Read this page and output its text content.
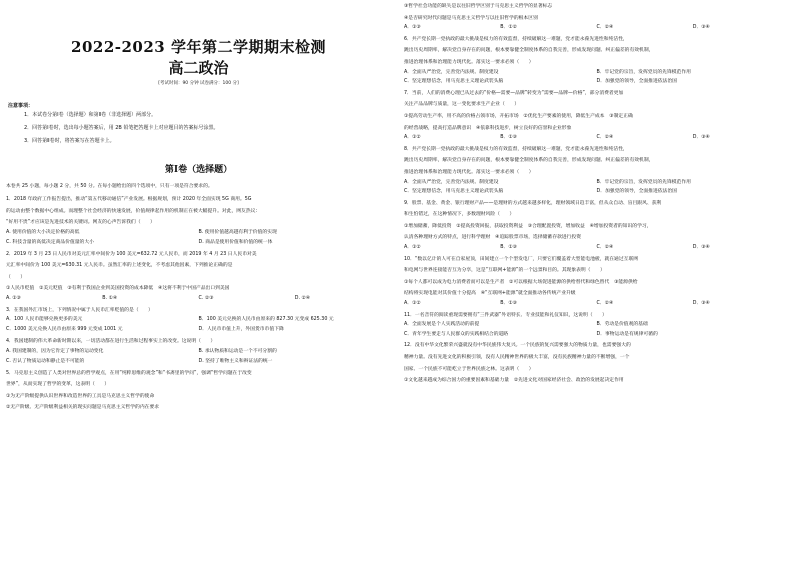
2022-2023 学年第二学期期末检测
高二政治
[考试时间：90 分钟 试卷满分：100 分]
注意事项：
1．本试卷分第Ⅰ卷（选择题）和第Ⅱ卷（非选择题）两部分。
2．回答第Ⅰ卷时，选出每小题答案后，用 2B 铅笔把答题卡上对应题目的答案标号涂黑。
3．回答第Ⅱ卷时，将答案写在答题卡上。
第Ⅰ卷（选择题）
本卷共 25 小题，每小题 2 分，共 50 分。在每小题给出的四个选项中，只有一项是符合要求的。
1．2018 年政府工作报告提出，推动“第五代移动通信”产业发展。根据规划，预计 2020 年全面实现 5G 商用。5G
的运动由整个数据中心组成。而理整个社会经济的快速发展，价值规律起作用的机制正在被大幅提升。对此，网友热议：
“好用不贵”才应该是先进技术的关键词。网友的心声告诉我们（　　）
A. 使用价值的大小决定价格的高低	B. 使用价值越高越有利于价值的实现
C. 科技含量的高低决定商品价值量的大小	D. 商品是使用价值和价值的统一体
2．2019 年 3 月 23 日人民币对美元汇率中间价为 100 美元=632.72 元人民币，而 2019 年 4 月 23 日人民币对美
元汇率中间价为 100 美元=630.31 元人民币。虽然汇率的上述变化，不考虑其他因素，下列推论正确的是
（　　）
①人民币贬值　②美元贬值　③有利于我国企业到美国投资的成本降低　④这将不利于中国产品出口到美国
A. ①③	B. ①④	C. ②③	D. ②④
3．在我国外汇市场上，下列情况中属于人民币汇率贬值的是（　　）
A．100 人民币能够兑换更多的美元	B．100 美元兑换的人民币由原来的 827.30 元变成 625.30 元
C．1000 美元兑换人民币由原来 999 元变成 1001 元	D．人民币币值上升，外国货币币值下降
4．我国建制的伟大革命新时期以来，一切活动都在进行生活和过程事实上的改变。这说明（　　）
A. 我国建制的，因为它肯定了事物的运动变化	B. 承认物质和运动是一个不可分割的
C. 否认了物质运动和静止是不可能的	D. 坚持了唯物主义和辩证法的统一
5．马克思主义创造了人类对世界总的哲学观点，在用“纯粹思维的观念”和“书斋里的学问”，强调“哲学问题在于改变
世界”，从而实现了哲学的变革，这表明（　　）
①为无产阶级提供认识世界和改造世界的工具是马克思主义哲学的使命
②无产阶级、无产阶级利益相关的现实问题是马克思主义哲学的内在要求
③哲学社会功能的缺失是以往旧哲学区别于马克思主义哲学的显著标志
④是否研究时代问题是马克思主义哲学与以往旧哲学的根本区别
A．①③	B．①②	C．②④	D．③④
6．共产党长期一党执政的最大挑战是权力的有效监督，持续破解这一难题，党才能永葆先进性和纯洁性，
跳出历史周期率，解决党自身存在的问题，根本要靠健全制度体系的自我完善，形成发现问题、纠正偏差的有效机制，
推进治理体系和治理能力现代化。落实这一要求必须（　　）
A．全面从严治党，完善党内法规、制度建设	B．牢记党的宗旨，发挥党员的先锋模范作用
C．坚定理想信念，用马克思主义理论武装头脑	D．加强党的领导，全面推进依法治国
7．当前，人们的消费心理已从过去的“价格—需要—品牌”转变为“需要—品牌—价格”，部分消费者更加
关注产品品牌与质量，这一变化要求生产企业（　　）
①提高劳动生产率，用不高的价格占领市场，开拓市场　②优化生产要素的使用，降低生产成本　③制定正确
的经营战略，提高打造品牌意识　④依靠科技进步，树立良好的信誉和企业形象
A．①②	B．①③	C．②④	D．③④
8．共产党长期一党执政的最大挑战是权力的有效监督，持续破解这一难题，党才能永葆先进性和纯洁性，
跳出历史周期率，解决党自身存在的问题，根本要靠健全制度体系的自我完善，形成发现问题、纠正偏差的有效机制，
推进治理体系和治理能力现代化。落实这一要求必须（　　）
A．全面从严治党，完善党内法规、制度建设	B．牢记党的宗旨，发挥党员的先锋模范作用
C．坚定理想信念，用马克思主义理论武装头脑	D．加强党的领导，全面推进依法治国
9．股票、基金、黄金、银行理财产品——是理财的方式越来越多样化，理财领域日趋丰富，但从众自动、盲目跟风、获利
和生怕错过，在这种情况下，多数理财风险（　　）
①增加储蓄，降低投资　②提高投资回报，获取投资利益　③合理配置投资，增加收益　④增加投资者的知识的学习，
认清各种理财方式的特点，进行科学理财　④追踪股票市场，选择储蓄存款进行投资
A．①②	B．①③	C．②④	D．③④
10．“数以亿计的人可在自家屋顶，田间建立一个个型发电厂，只要它们覆盖着大型能电池板，就在通过互联网
和电网与世界连接能否互为分享，这是“互联网+能源”的一个远景和目的。其现象表明（　　）
①每个人都可以成为电力消费者而可以是生产者　②可以根据大场促进能源的供给替代和绿色替代　③能源供给
结构将实现电能对其价值十分提高　④“互联网+能源”就全面推动各传统产业升级
A．①②	B．①③	C．②④	D．③④
11．一名音符的阅读重现需要拥有“三件武器”外语特长、专业技能和礼仪知识，这说明（　　）
A．全面发展是个人实践活动的前提	B．劳动是价值观的基础
C．青年学生要走与人民群众的实践相结合的道路	D．事物运动是有规律可循的
12．没有中华文化繁荣兴盛就没有中华民族伟大复兴。一个民族的复兴需要强大的物质力量，也需要强大的
精神力量。没有先进文化的积极引领，没有人民精神世界的极大丰富，没有民族精神力量的不断增强，一个
国家、一个民族不可能屹立于世界民族之林。这表明（　　）
①文化越来越成为综合国力的重要因素和基础力量　②先进文化对国家经济社会、政治的发展起决定作用
